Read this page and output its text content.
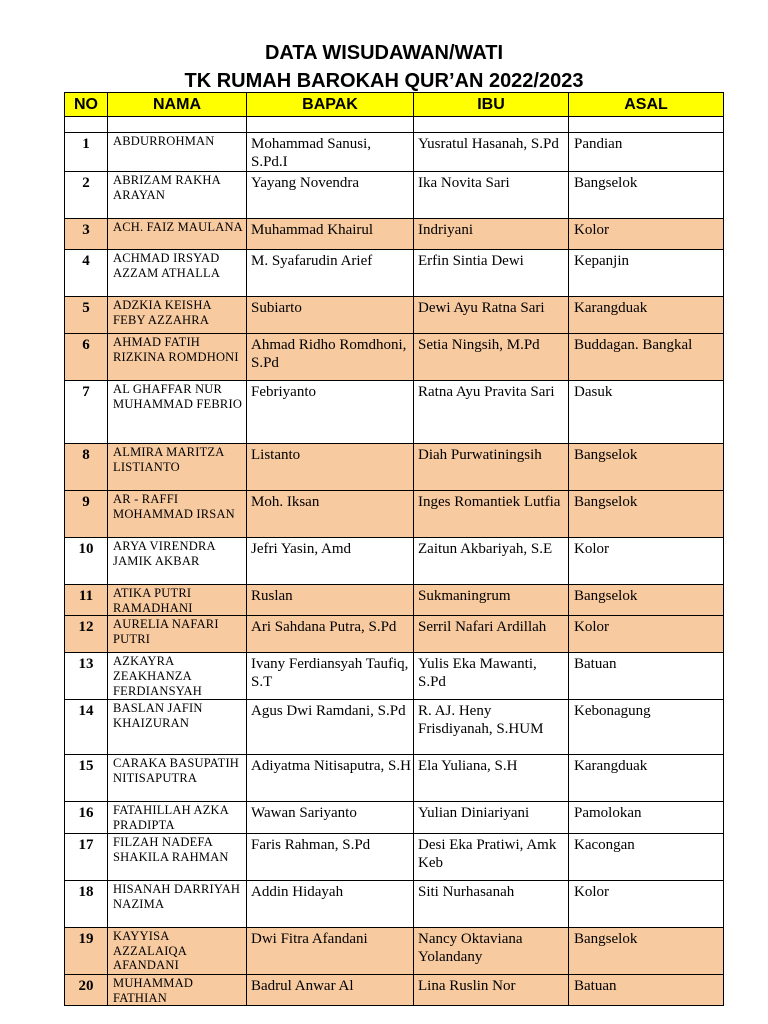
DATA WISUDAWAN/WATI
TK RUMAH BAROKAH QUR’AN 2022/2023
NO	NAMA	BAPAK	IBU	ASAL

1	ABDURROHMAN	Mohammad Sanusi, S.Pd.I	Yusratul Hasanah, S.Pd	Pandian

2	ABRIZAM RAKHA ARAYAN	Yayang Novendra	Ika Novita Sari	Bangselok

3	ACH. FAIZ MAULANA	Muhammad Khairul	Indriyani	Kolor

4	ACHMAD IRSYAD AZZAM ATHALLA	M. Syafarudin Arief	Erfin Sintia Dewi	Kepanjin

5	ADZKIA KEISHA FEBY AZZAHRA	Subiarto	Dewi Ayu Ratna Sari	Karangduak

6	AHMAD FATIH RIZKINA ROMDHONI	Ahmad Ridho Romdhoni, S.Pd	Setia Ningsih, M.Pd	Buddagan. Bangkal

7	AL GHAFFAR NUR MUHAMMAD FEBRIO	Febriyanto	Ratna Ayu Pravita Sari	Dasuk

8	ALMIRA MARITZA LISTIANTO	Listanto	Diah Purwatiningsih	Bangselok

9	AR - RAFFI MOHAMMAD IRSAN	Moh. Iksan	Inges Romantiek Lutfia	Bangselok

10	ARYA VIRENDRA JAMIK AKBAR	Jefri Yasin, Amd	Zaitun Akbariyah, S.E	Kolor

11	ATIKA PUTRI RAMADHANI	Ruslan	Sukmaningrum	Bangselok

12	AURELIA NAFARI PUTRI	Ari Sahdana Putra, S.Pd	Serril Nafari Ardillah	Kolor

13	AZKAYRA ZEAKHANZA FERDIANSYAH	Ivany Ferdiansyah Taufiq, S.T	Yulis Eka Mawanti, S.Pd	Batuan

14	BASLAN JAFIN KHAIZURAN	Agus Dwi Ramdani, S.Pd	R. AJ. Heny Frisdiyanah, S.HUM	Kebonagung

15	CARAKA BASUPATIH NITISAPUTRA	Adiyatma Nitisaputra, S.H	Ela Yuliana, S.H	Karangduak

16	FATAHILLAH AZKA PRADIPTA	Wawan Sariyanto	Yulian Diniariyani	Pamolokan

17	FILZAH NADEFA SHAKILA RAHMAN	Faris Rahman, S.Pd	Desi Eka Pratiwi, Amk Keb	Kacongan

18	HISANAH DARRIYAH NAZIMA	Addin Hidayah	Siti Nurhasanah	Kolor

19	KAYYISA AZZALAIQA AFANDANI	Dwi Fitra Afandani	Nancy Oktaviana Yolandany	Bangselok

20	MUHAMMAD FATHIAN	Badrul Anwar Al	Lina Ruslin Nor	Batuan
